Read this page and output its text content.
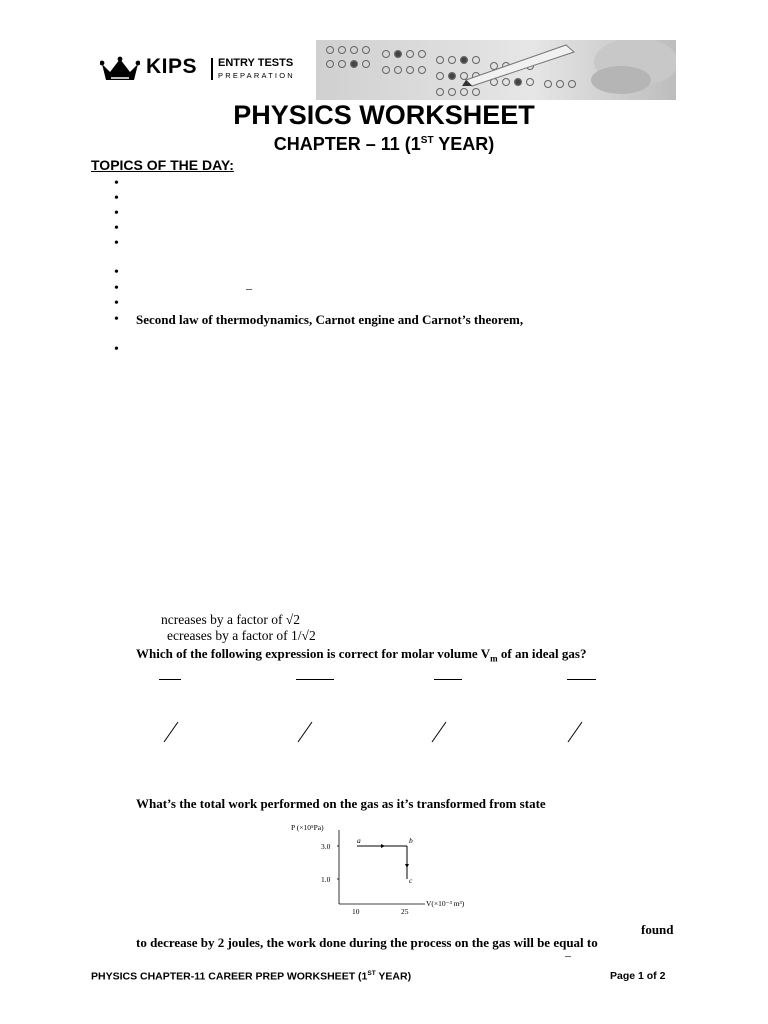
KIPS ENTRY TESTS
PREPARATION
PHYSICS WORKSHEET
CHAPTER – 11 (1ST YEAR)
TOPICS OF THE DAY:
•
•
•
•
•
•
•	–
•
• Second law of thermodynamics, Carnot engine and Carnot’s theorem,
•
ncreases by a factor of √2
ecreases by a factor of 1/√2
Which of the following expression is correct for molar volume $V_m$ of an ideal gas?
What’s the total work performed on the gas as it’s transformed from state
P (×10⁵Pa)
V(×10⁻³ m³)
3.0
1.0
10	25
a	b
c
found
to decrease by 2 joules, the work done during the process on the gas will be equal to
–
PHYSICS CHAPTER-11 CAREER PREP WORKSHEET (1ST YEAR)	Page 1 of 2
